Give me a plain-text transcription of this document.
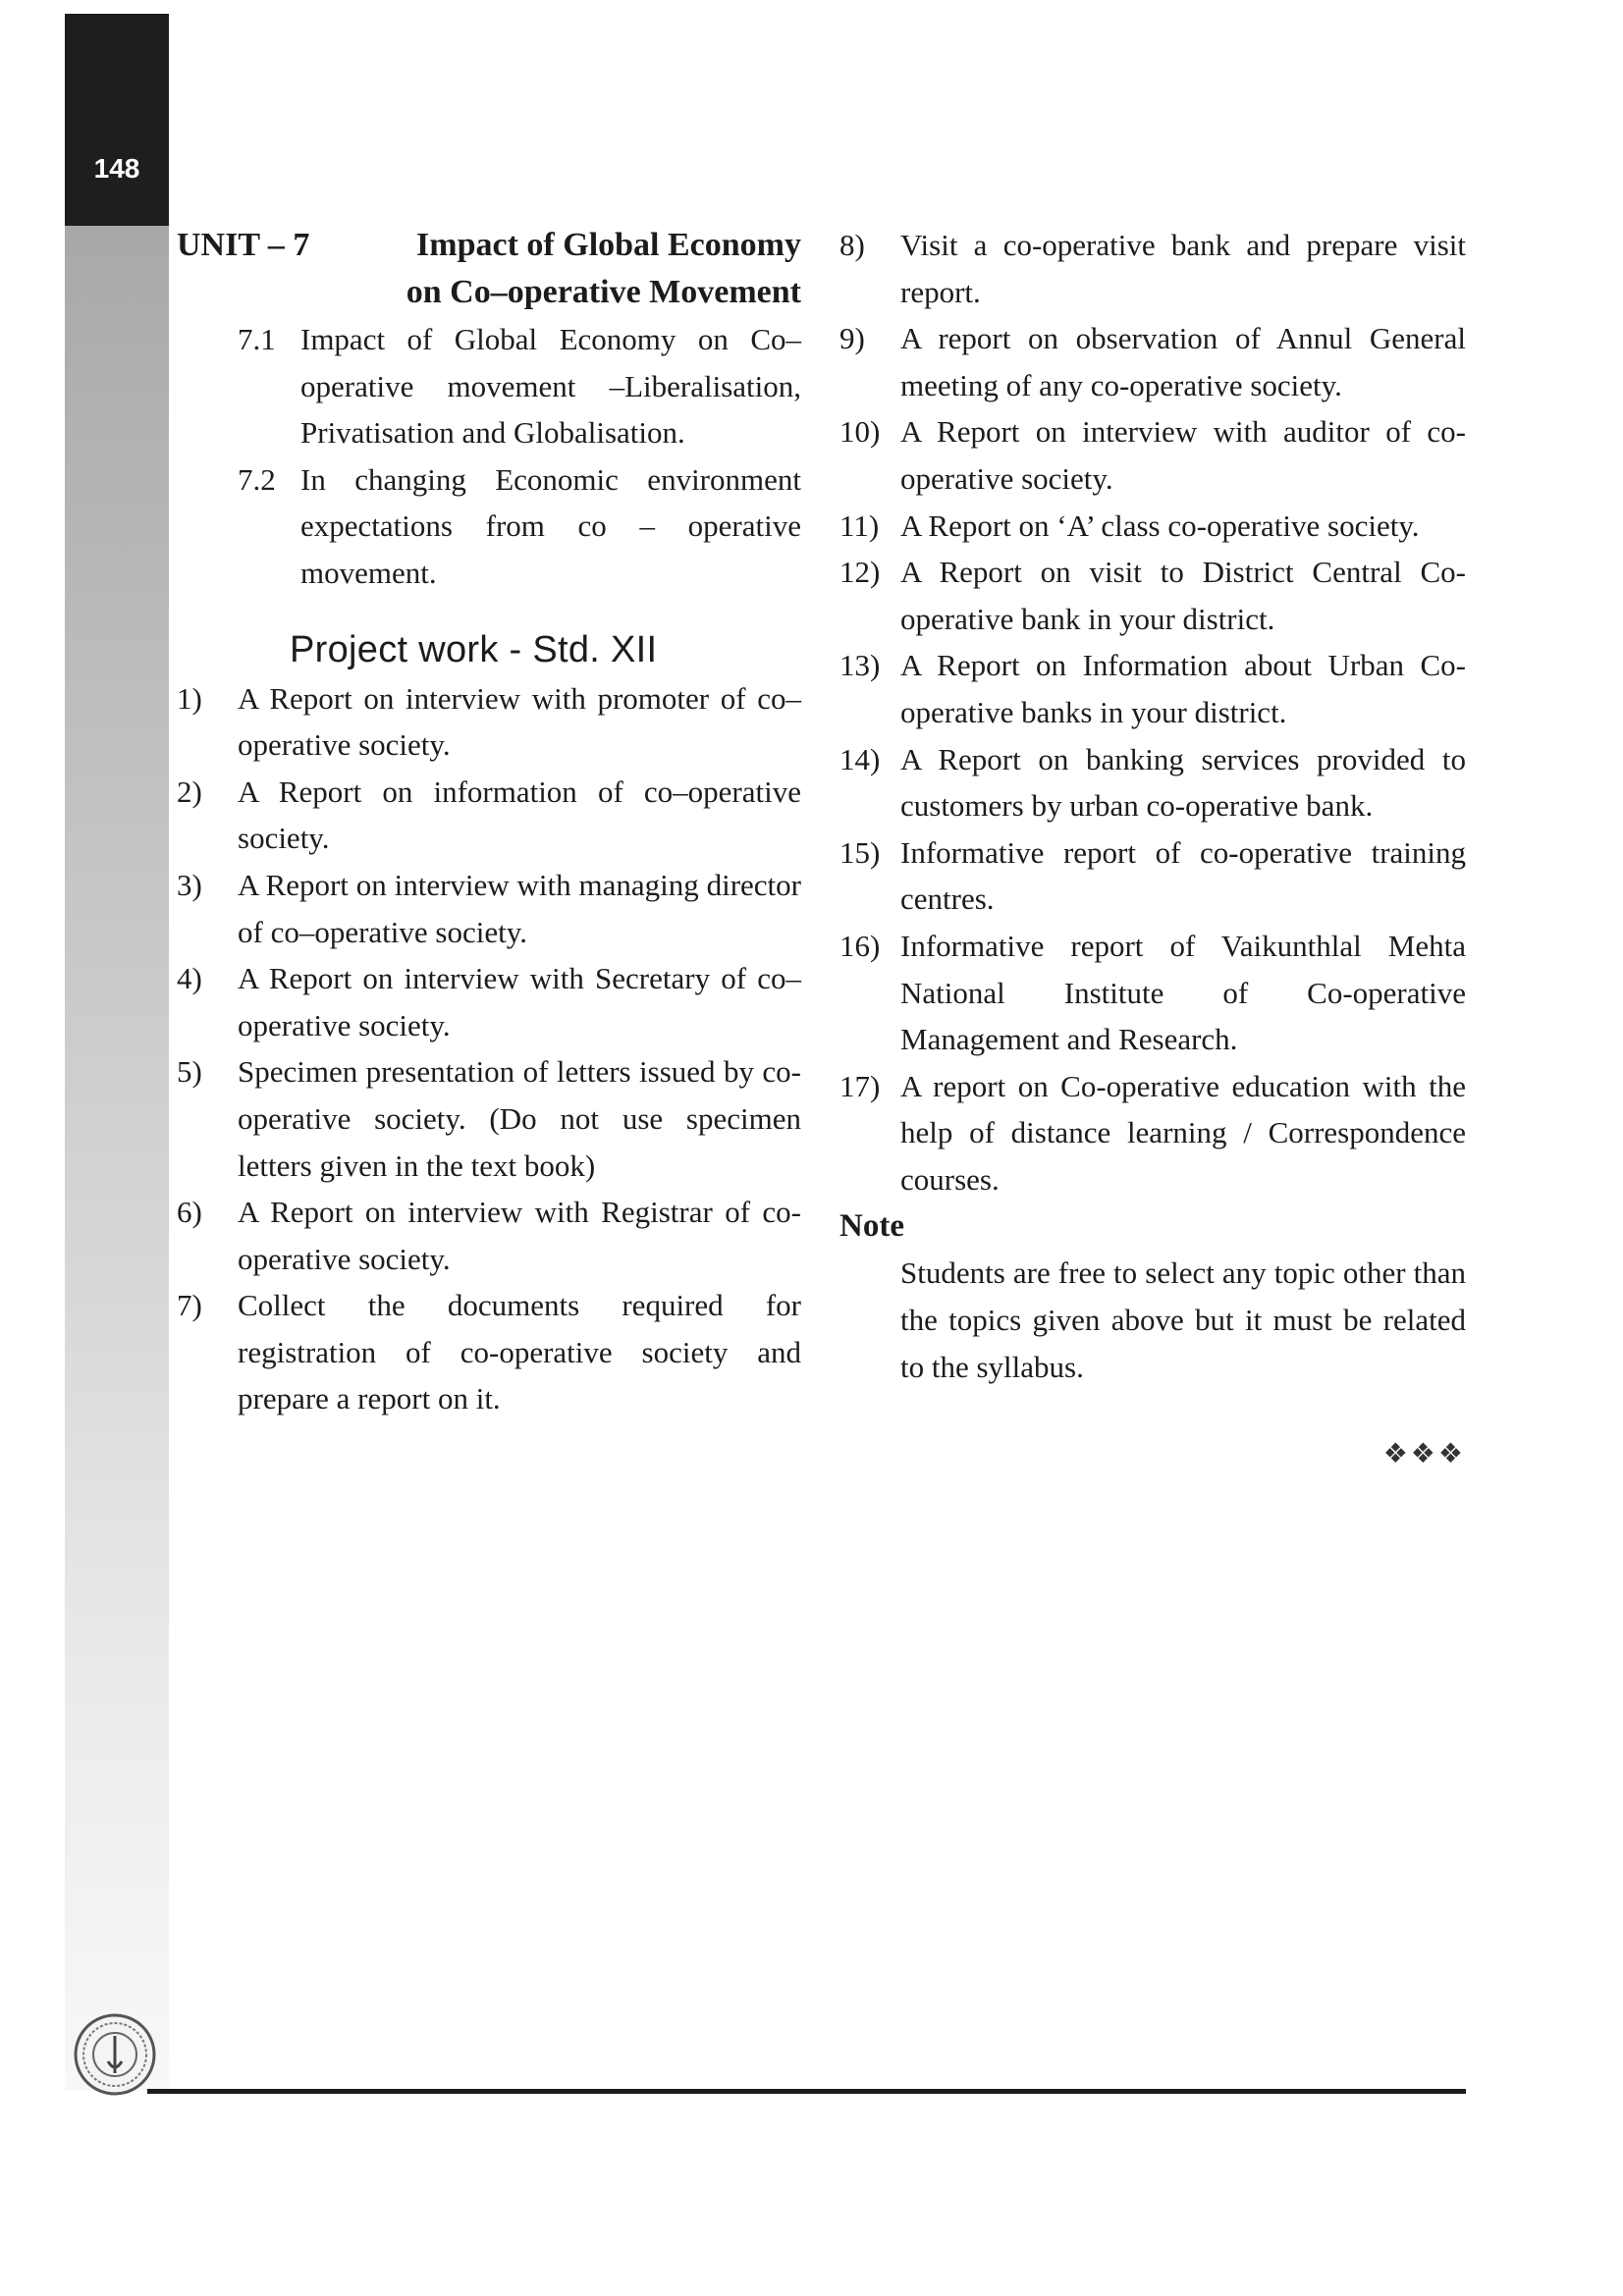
148
UNIT – 7	Impact of Global Economy on Co–operative Movement
7.1 Impact of Global Economy on Co–operative movement –Liberalisation, Privatisation and Globalisation.
7.2 In changing Economic environment expectations from co – operative movement.
Project work - Std. XII
1)	A Report on interview with promoter of co–operative society.
2)	A Report on information of co–operative society.
3)	A Report on interview with managing director of co–operative society.
4)	A Report on interview with Secretary of co–operative society.
5)	Specimen presentation of letters issued by co-operative society. (Do not use specimen letters given in the text book)
6)	A Report on interview with Registrar of co-operative society.
7)	Collect the documents required for registration of co-operative society and prepare a report on it.
8)	Visit a co-operative bank and prepare visit report.
9)	A report on observation of Annul General meeting of any co-operative society.
10) A Report on interview with auditor of co-operative society.
11) A Report on ‘A’ class co-operative society.
12) A Report on visit to District Central Co-operative bank in your district.
13) A Report on Information about Urban Co-operative banks in your district.
14) A Report on banking services provided to customers by urban co-operative bank.
15) Informative report of co-operative training centres.
16) Informative report of Vaikunthlal Mehta National Institute of Co-operative Management and Research.
17) A report on Co-operative education with the help of distance learning / Correspondence courses.
Note
Students are free to select any topic other than the topics given above but it must be related to the syllabus.
❖❖❖
